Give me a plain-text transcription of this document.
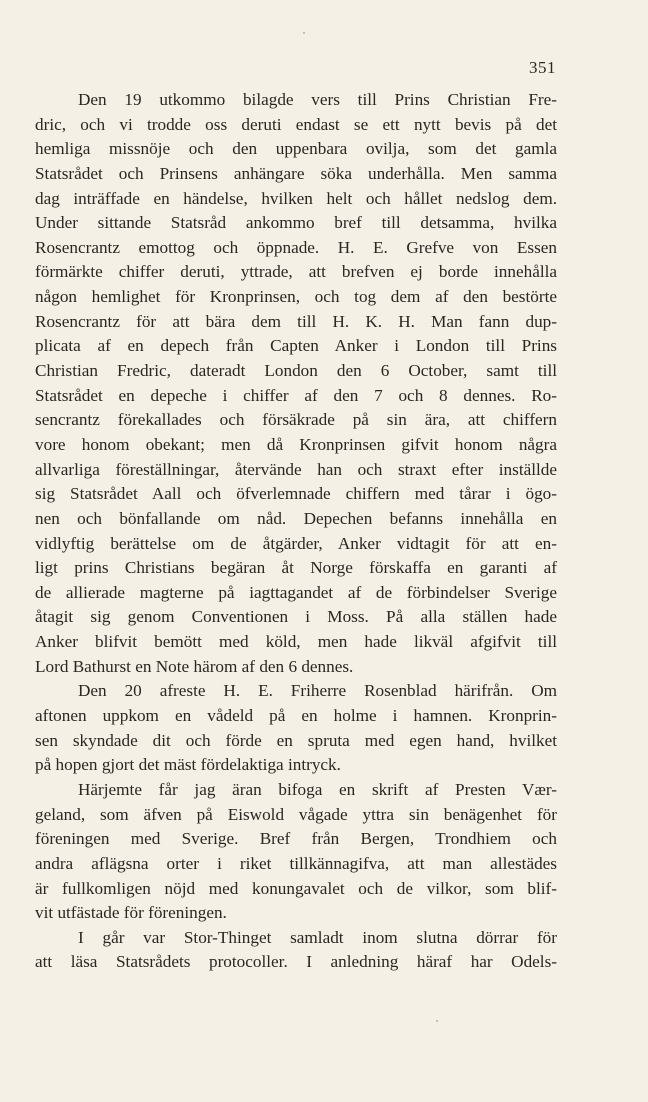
351
Den 19 utkommo bilagde vers till Prins Christian Fre-
dric, och vi trodde oss deruti endast se ett nytt bevis på det
hemliga missnöje och den uppenbara ovilja, som det gamla
Statsrådet och Prinsens anhängare söka underhålla. Men samma
dag inträffade en händelse, hvilken helt och hållet nedslog dem.
Under sittande Statsråd ankommo bref till detsamma, hvilka
Rosencrantz emottog och öppnade. H. E. Grefve von Essen
förmärkte chiffer deruti, yttrade, att brefven ej borde innehålla
någon hemlighet för Kronprinsen, och tog dem af den bestörte
Rosencrantz för att bära dem till H. K. H. Man fann dup-
plicata af en depech från Capten Anker i London till Prins
Christian Fredric, dateradt London den 6 October, samt till
Statsrådet en depeche i chiffer af den 7 och 8 dennes. Ro-
sencrantz förekallades och försäkrade på sin ära, att chiffern
vore honom obekant; men då Kronprinsen gifvit honom några
allvarliga föreställningar, återvände han och straxt efter inställde
sig Statsrådet Aall och öfverlemnade chiffern med tårar i ögo-
nen och bönfallande om nåd. Depechen befanns innehålla en
vidlyftig berättelse om de åtgärder, Anker vidtagit för att en-
ligt prins Christians begäran åt Norge förskaffa en garanti af
de allierade magterne på iagttagandet af de förbindelser Sverige
åtagit sig genom Conventionen i Moss. På alla ställen hade
Anker blifvit bemött med köld, men hade likväl afgifvit till
Lord Bathurst en Note härom af den 6 dennes.
Den 20 afreste H. E. Friherre Rosenblad härifrån. Om
aftonen uppkom en vådeld på en holme i hamnen. Kronprin-
sen skyndade dit och förde en spruta med egen hand, hvilket
på hopen gjort det mäst fördelaktiga intryck.
Härjemte får jag äran bifoga en skrift af Presten Vær-
geland, som äfven på Eiswold vågade yttra sin benägenhet för
föreningen med Sverige. Bref från Bergen, Trondhiem och
andra aflägsna orter i riket tillkännagifva, att man allestädes
är fullkomligen nöjd med konungavalet och de vilkor, som blif-
vit utfästade för föreningen.
I går var Stor-Thinget samladt inom slutna dörrar för
att läsa Statsrådets protocoller. I anledning häraf har Odels-
